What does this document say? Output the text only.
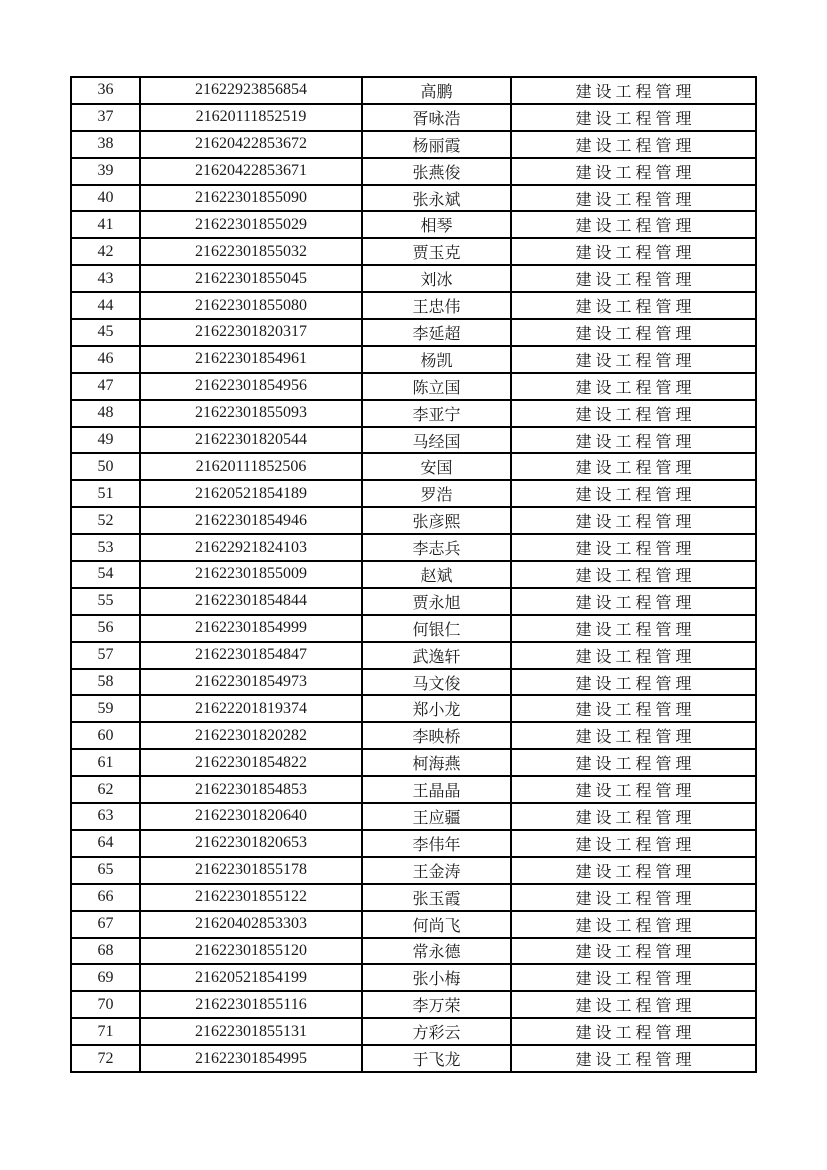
36	21622923856854	高鹏	建设工程管理
37	21620111852519	胥咏浩	建设工程管理
38	21620422853672	杨丽霞	建设工程管理
39	21620422853671	张燕俊	建设工程管理
40	21622301855090	张永斌	建设工程管理
41	21622301855029	相琴	建设工程管理
42	21622301855032	贾玉克	建设工程管理
43	21622301855045	刘冰	建设工程管理
44	21622301855080	王忠伟	建设工程管理
45	21622301820317	李延超	建设工程管理
46	21622301854961	杨凯	建设工程管理
47	21622301854956	陈立国	建设工程管理
48	21622301855093	李亚宁	建设工程管理
49	21622301820544	马经国	建设工程管理
50	21620111852506	安国	建设工程管理
51	21620521854189	罗浩	建设工程管理
52	21622301854946	张彦熙	建设工程管理
53	21622921824103	李志兵	建设工程管理
54	21622301855009	赵斌	建设工程管理
55	21622301854844	贾永旭	建设工程管理
56	21622301854999	何银仁	建设工程管理
57	21622301854847	武逸轩	建设工程管理
58	21622301854973	马文俊	建设工程管理
59	21622201819374	郑小龙	建设工程管理
60	21622301820282	李映桥	建设工程管理
61	21622301854822	柯海燕	建设工程管理
62	21622301854853	王晶晶	建设工程管理
63	21622301820640	王应疆	建设工程管理
64	21622301820653	李伟年	建设工程管理
65	21622301855178	王金涛	建设工程管理
66	21622301855122	张玉霞	建设工程管理
67	21620402853303	何尚飞	建设工程管理
68	21622301855120	常永德	建设工程管理
69	21620521854199	张小梅	建设工程管理
70	21622301855116	李万荣	建设工程管理
71	21622301855131	方彩云	建设工程管理
72	21622301854995	于飞龙	建设工程管理
